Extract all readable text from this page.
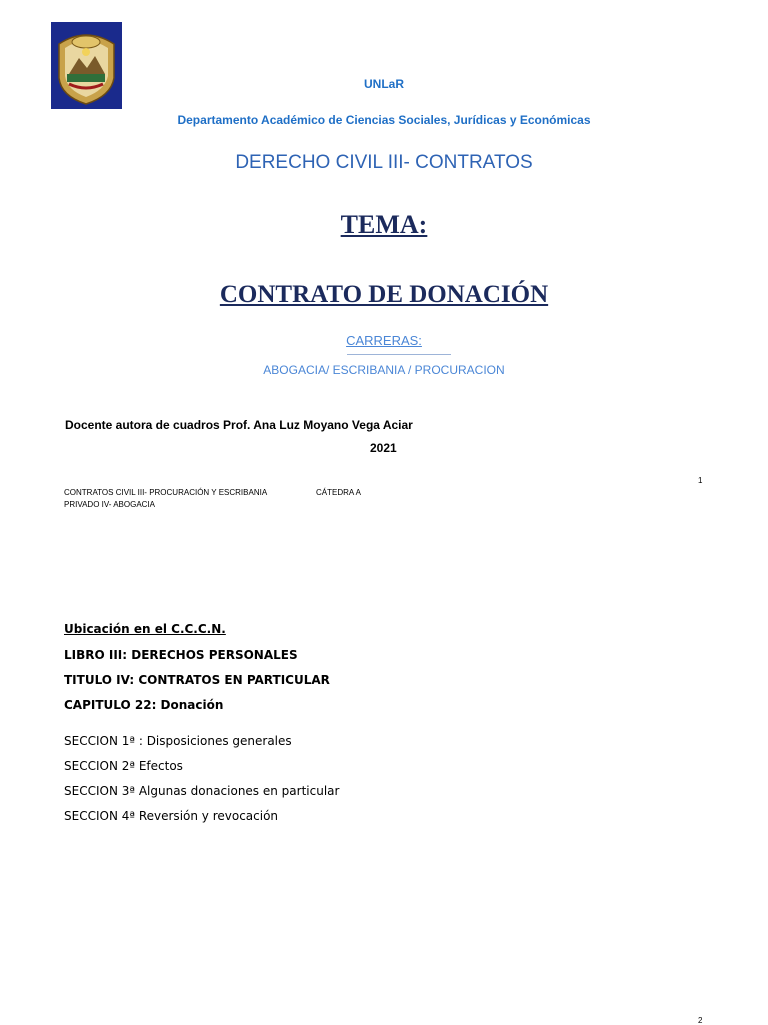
UNLaR
Departamento Académico de Ciencias Sociales, Jurídicas y Económicas
DERECHO CIVIL III- CONTRATOS
TEMA:
CONTRATO DE DONACIÓN
CARRERAS:
ABOGACIA/ ESCRIBANIA / PROCURACION
Docente autora de cuadros Prof. Ana Luz Moyano Vega Aciar
2021
1
CONTRATOS CIVIL III- PROCURACIÓN Y ESCRIBANIA	CÁTEDRA A
PRIVADO IV- ABOGACIA
Ubicación en el C.C.C.N.
LIBRO III: DERECHOS PERSONALES
TITULO IV: CONTRATOS EN PARTICULAR
CAPITULO 22: Donación
SECCION 1ª : Disposiciones generales
SECCION 2ª Efectos
SECCION 3ª Algunas donaciones en particular
SECCION 4ª Reversión y revocación
2
